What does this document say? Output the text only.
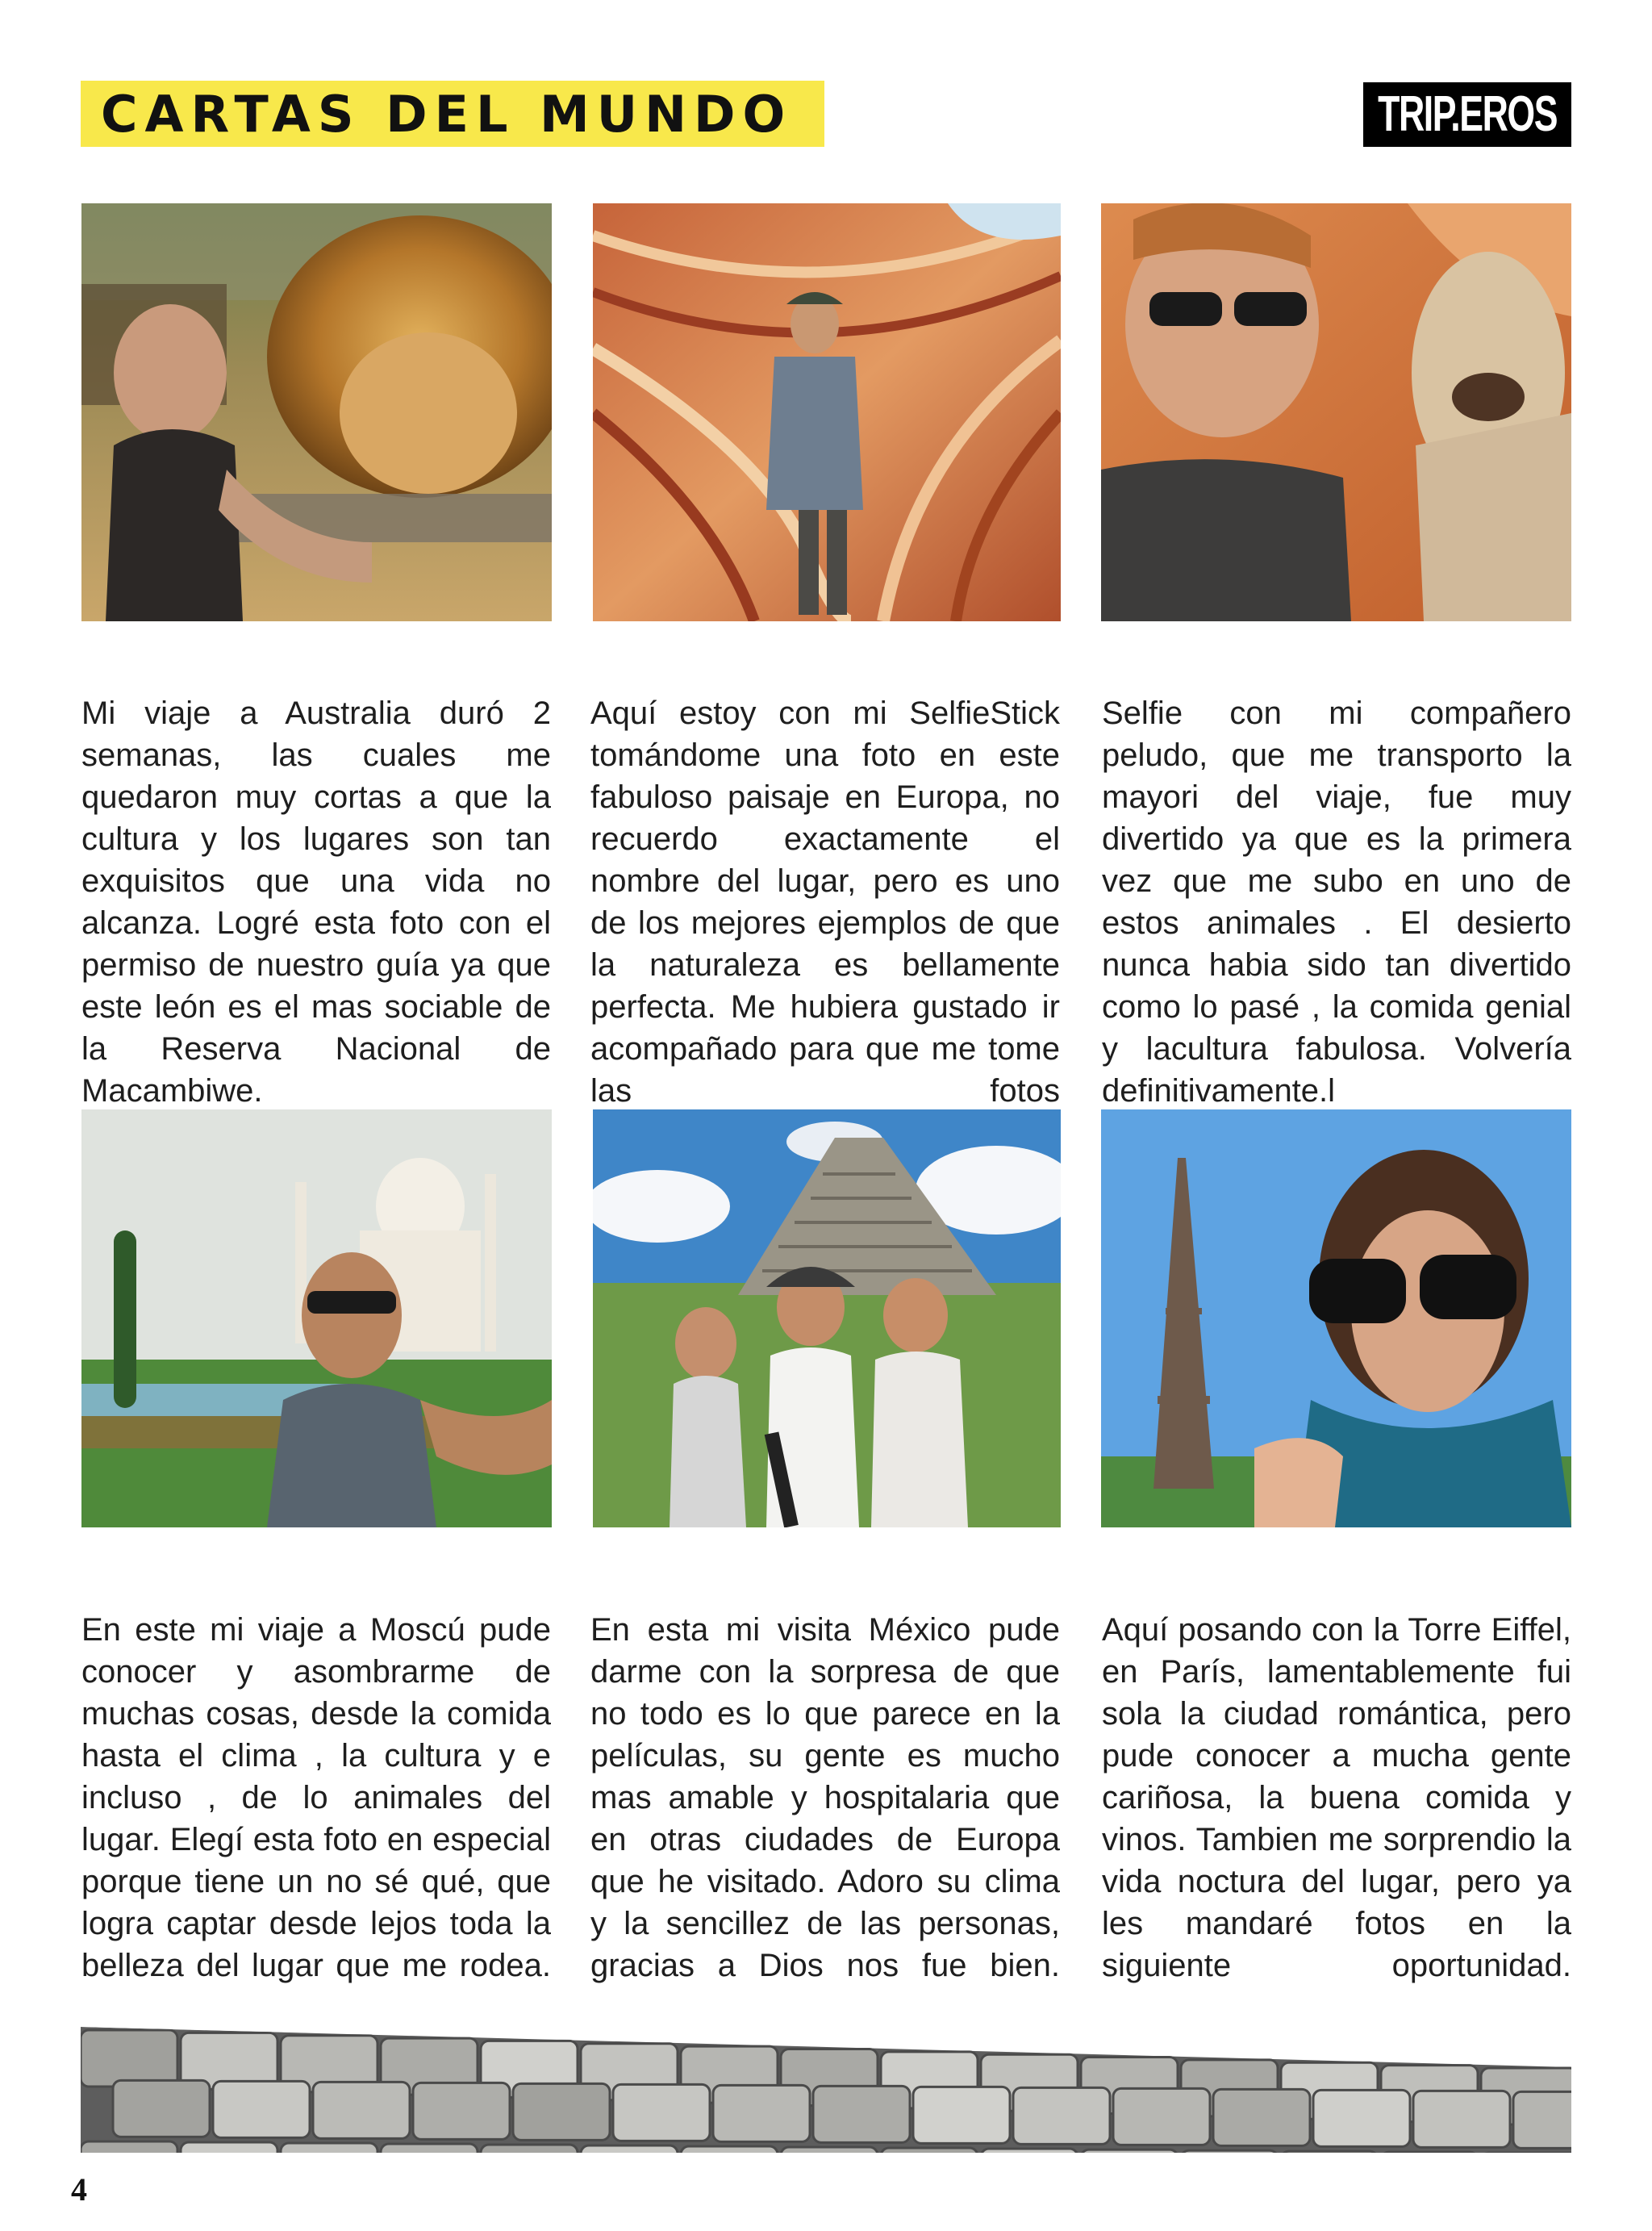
CARTAS DEL MUNDO	TRIP.EROS
Mi viaje a Australia duró 2 semanas, las cuales me quedaron muy cortas a que la cultura y los lugares son tan exquisitos que una vida no alcanza. Logré esta foto con el permiso de nuestro guía ya que este león es el mas sociable de la Reserva Nacional de Macambiwe.
Aquí estoy con mi SelfieStick tomándome una foto en este fabuloso paisaje en Europa, no recuerdo exactamente el nombre del lugar, pero es uno de los mejores ejemplos de que la naturaleza es bellamente perfecta. Me hubiera gustado ir acompañado para que me tome las fotos
Selfie con mi compañero peludo, que me transporto la mayori del viaje, fue muy divertido ya que es la primera vez que me subo en uno de estos animales . El desierto nunca habia sido tan divertido como lo pasé , la comida genial y lacultura fabulosa. Volvería definitivamente.l
En este mi viaje a Moscú pude conocer y asombrarme de muchas cosas, desde la comida hasta el clima , la cultura y e incluso , de lo animales del lugar. Elegí esta foto en especial porque tiene un no sé qué, que logra captar desde lejos toda la belleza del lugar que me rodea.
En esta mi visita México pude darme con la sorpresa de que no todo es lo que parece en la películas, su gente es mucho mas amable y hospitalaria que en otras ciudades de Europa que he visitado. Adoro su clima y la sencillez de las personas, gracias a Dios nos fue bien.
Aquí posando con la Torre Eiffel, en París, lamentablemente fui sola la ciudad romántica, pero pude conocer a mucha gente cariñosa, la buena comida y vinos. Tambien me sorprendio la vida noctura del lugar, pero ya les mandaré fotos en la siguiente oportunidad.
4
